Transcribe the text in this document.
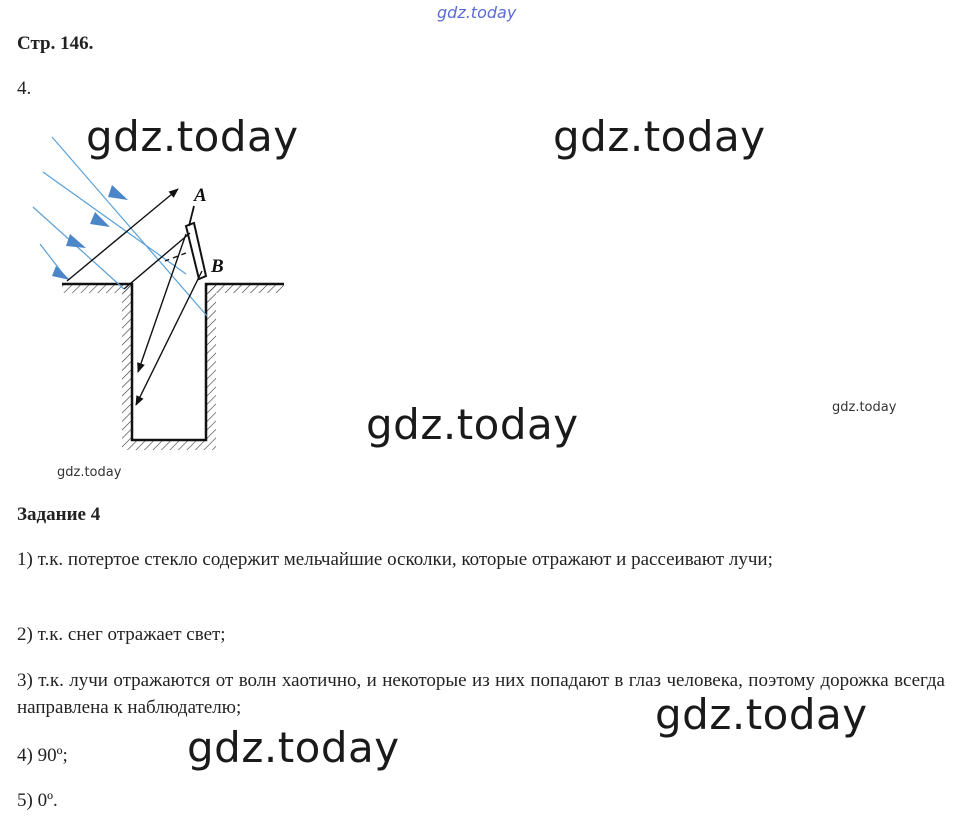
gdz.today
Стр. 146.
4.
A
B
gdz.today	gdz.today
gdz.today	gdz.today
gdz.today
Задание 4
1) т.к. потертое стекло содержит мельчайшие осколки, которые отражают и рассеивают лучи;
2) т.к. снег отражает свет;
3) т.к. лучи отражаются от волн хаотично, и некоторые из них попадают в глаз человека, поэтому дорожка всегда направлена к наблюдателю;
4) 90º;
5) 0º.
gdz.today
gdz.today
